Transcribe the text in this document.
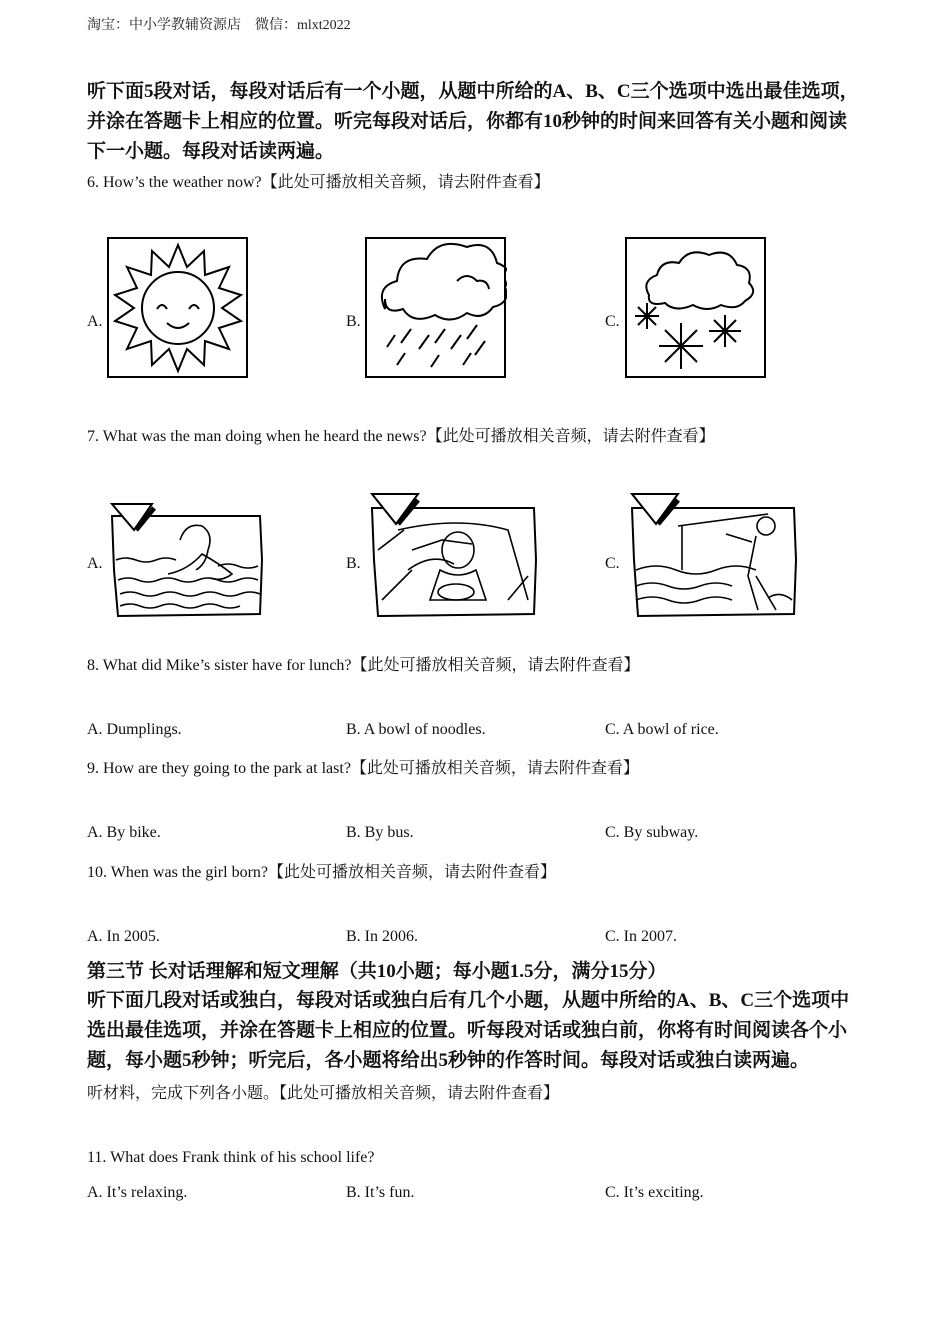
淘宝：中小学教辅资源店　微信：mlxt2022
听下面5段对话，每段对话后有一个小题，从题中所给的A、B、C三个选项中选出最佳选项，
并涂在答题卡上相应的位置。听完每段对话后，你都有10秒钟的时间来回答有关小题和阅读
下一小题。每段对话读两遍。
6. How’s the weather now?【此处可播放相关音频，请去附件查看】
A.	B.	C.
7. What was the man doing when he heard the news?【此处可播放相关音频，请去附件查看】
A.	B.	C.
8. What did Mike’s sister have for lunch?【此处可播放相关音频，请去附件查看】
A. Dumplings.	B. A bowl of noodles.	C. A bowl of rice.
9. How are they going to the park at last?【此处可播放相关音频，请去附件查看】
A. By bike.	B. By bus.	C. By subway.
10. When was the girl born?【此处可播放相关音频，请去附件查看】
A. In 2005.	B. In 2006.	C. In 2007.
第三节 长对话理解和短文理解（共10小题；每小题1.5分，满分15分）
听下面几段对话或独白，每段对话或独白后有几个小题，从题中所给的A、B、C三个选项中
选出最佳选项，并涂在答题卡上相应的位置。听每段对话或独白前，你将有时间阅读各个小
题，每小题5秒钟；听完后，各小题将给出5秒钟的作答时间。每段对话或独白读两遍。
听材料，完成下列各小题。【此处可播放相关音频，请去附件查看】
11. What does Frank think of his school life?
A. It’s relaxing.	B. It’s fun.	C. It’s exciting.
